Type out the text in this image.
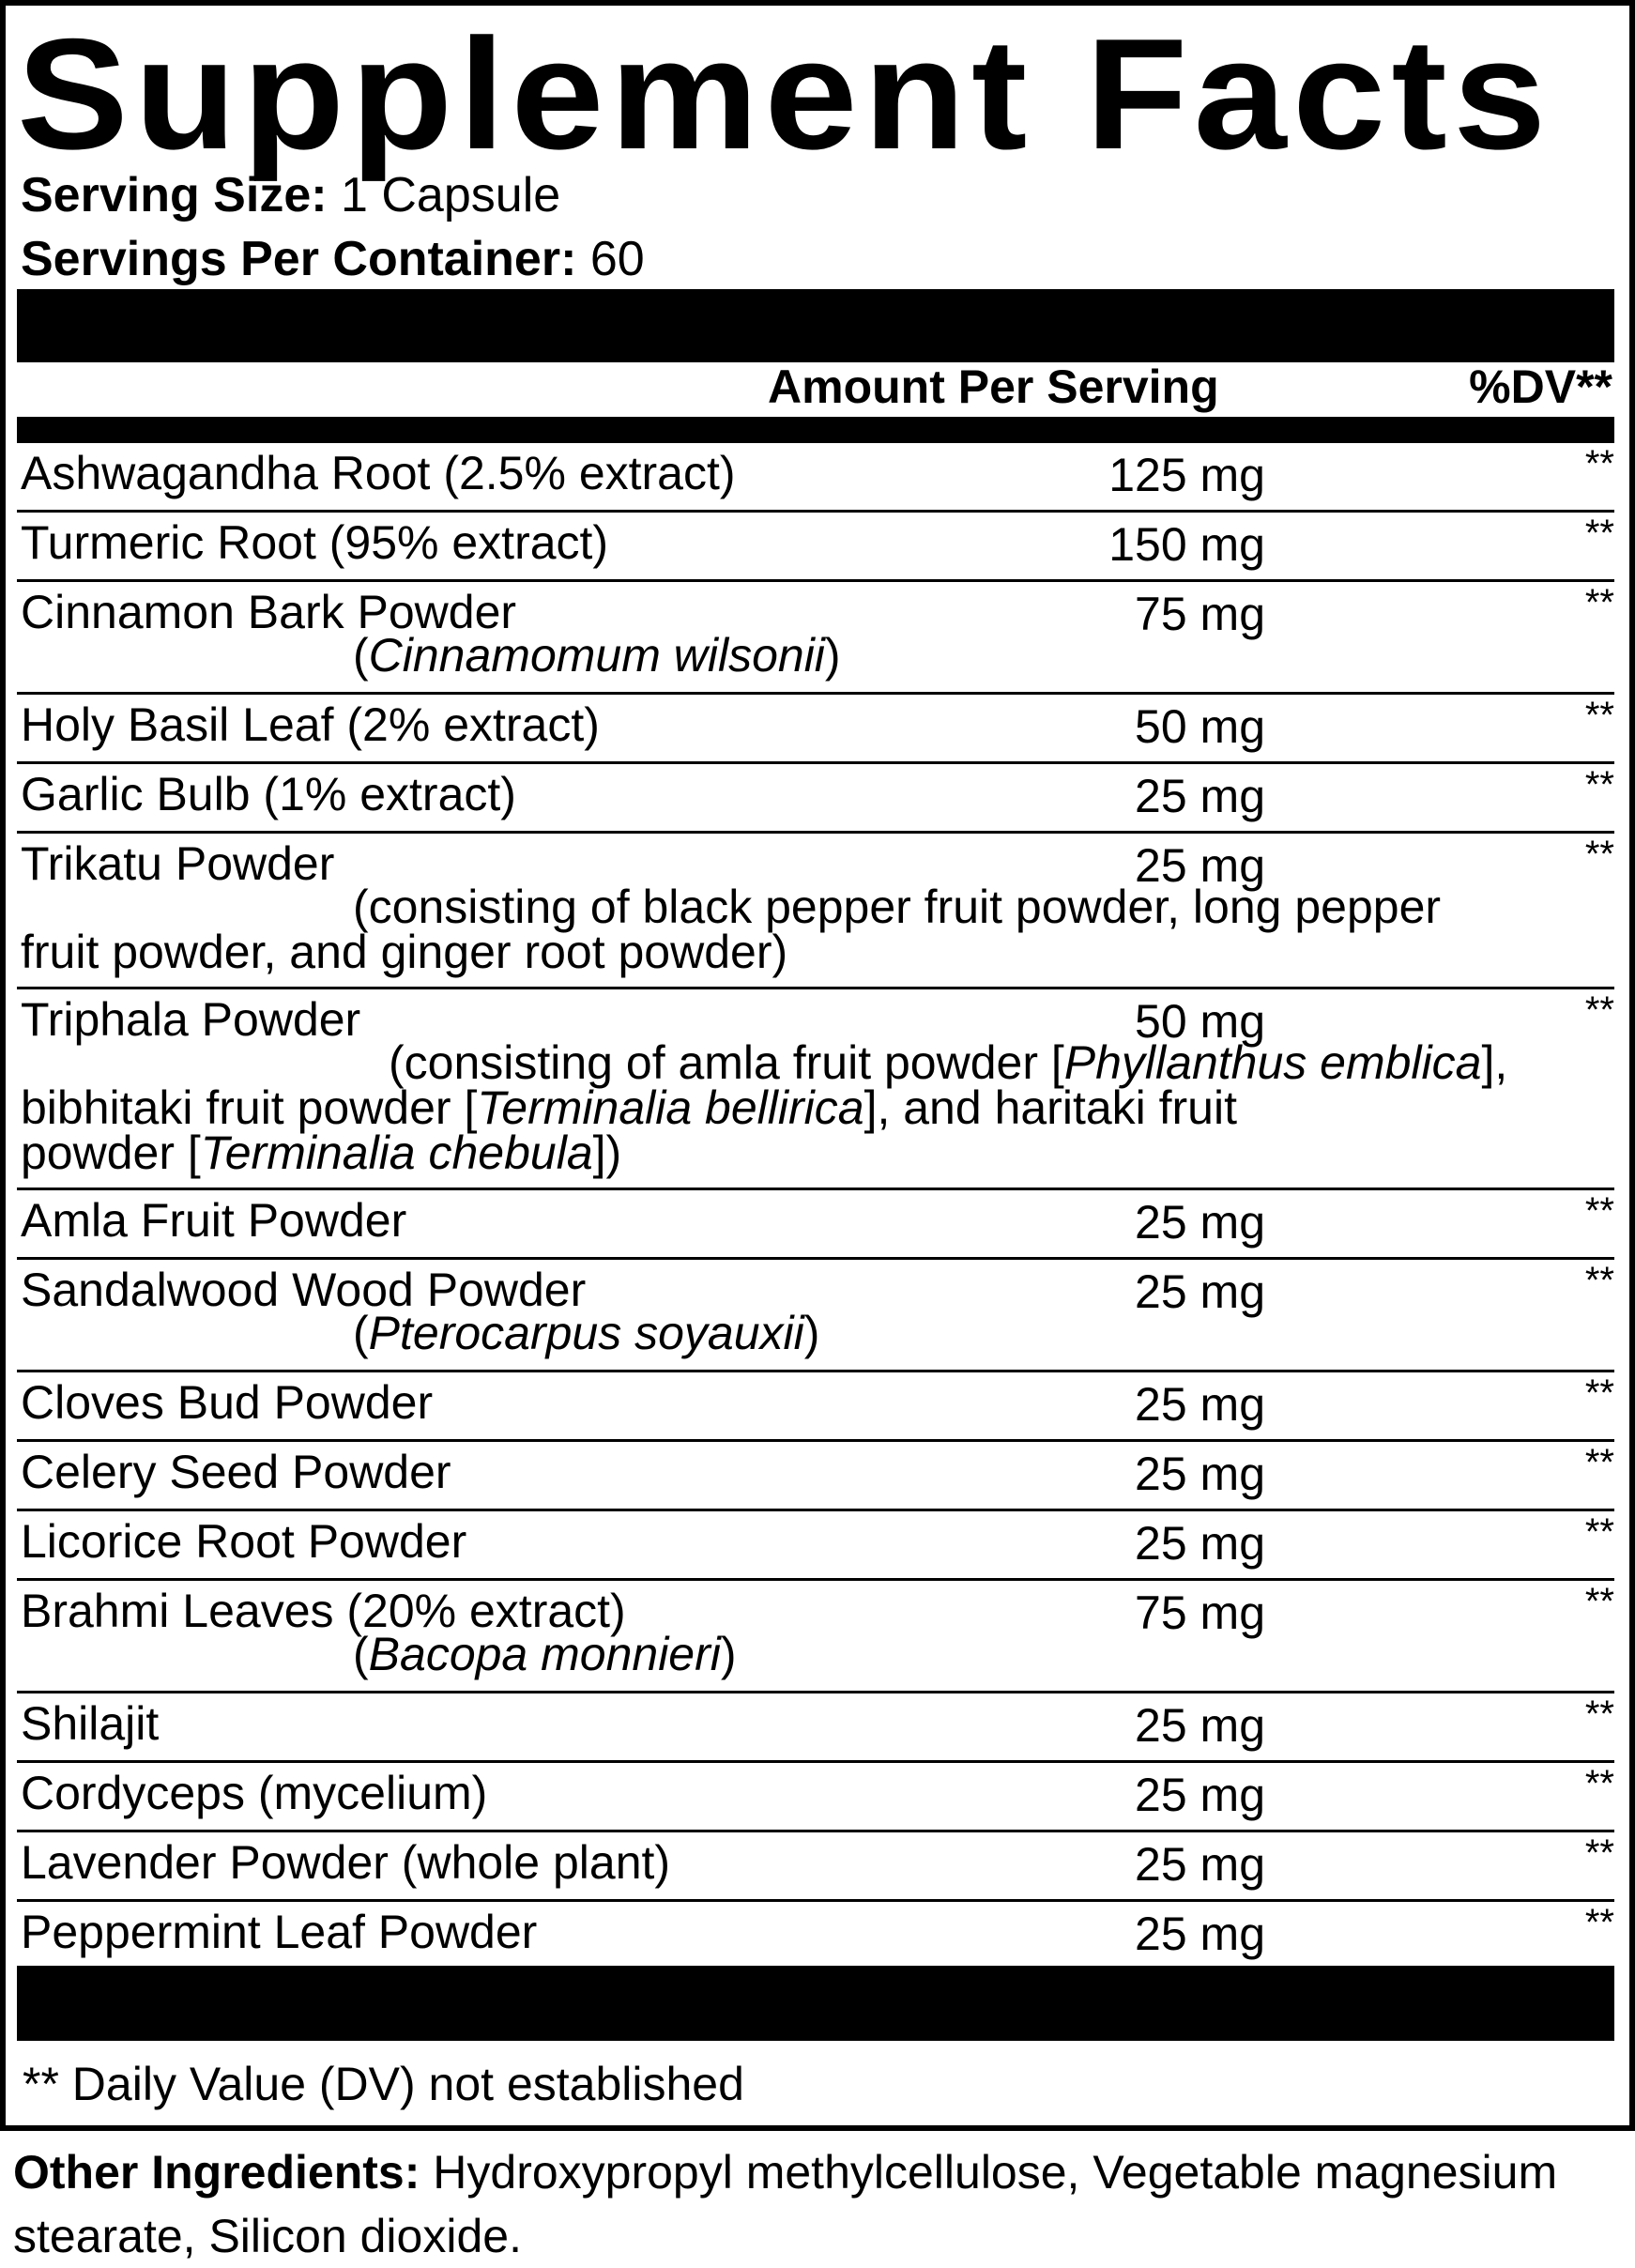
Supplement Facts
Serving Size: 1 Capsule
Servings Per Container: 60
Amount Per Serving	%DV**
Ashwagandha Root (2.5% extract)	125 mg	**
Turmeric Root (95% extract)	150 mg	**
Cinnamon Bark Powder	75 mg	**
(Cinnamomum wilsonii)
Holy Basil Leaf (2% extract)	50 mg	**
Garlic Bulb (1% extract)	25 mg	**
Trikatu Powder	25 mg	**
(consisting of black pepper fruit powder, long pepper
fruit powder, and ginger root powder)
Triphala Powder	50 mg	**
(consisting of amla fruit powder [Phyllanthus emblica],
bibhitaki fruit powder [Terminalia bellirica], and haritaki fruit
powder [Terminalia chebula])
Amla Fruit Powder	25 mg	**
Sandalwood Wood Powder	25 mg	**
(Pterocarpus soyauxii)
Cloves Bud Powder	25 mg	**
Celery Seed Powder	25 mg	**
Licorice Root Powder	25 mg	**
Brahmi Leaves (20% extract)	75 mg	**
(Bacopa monnieri)
Shilajit	25 mg	**
Cordyceps (mycelium)	25 mg	**
Lavender Powder (whole plant)	25 mg	**
Peppermint Leaf Powder	25 mg	**
** Daily Value (DV) not established
Other Ingredients: Hydroxypropyl methylcellulose, Vegetable magnesium stearate, Silicon dioxide.
